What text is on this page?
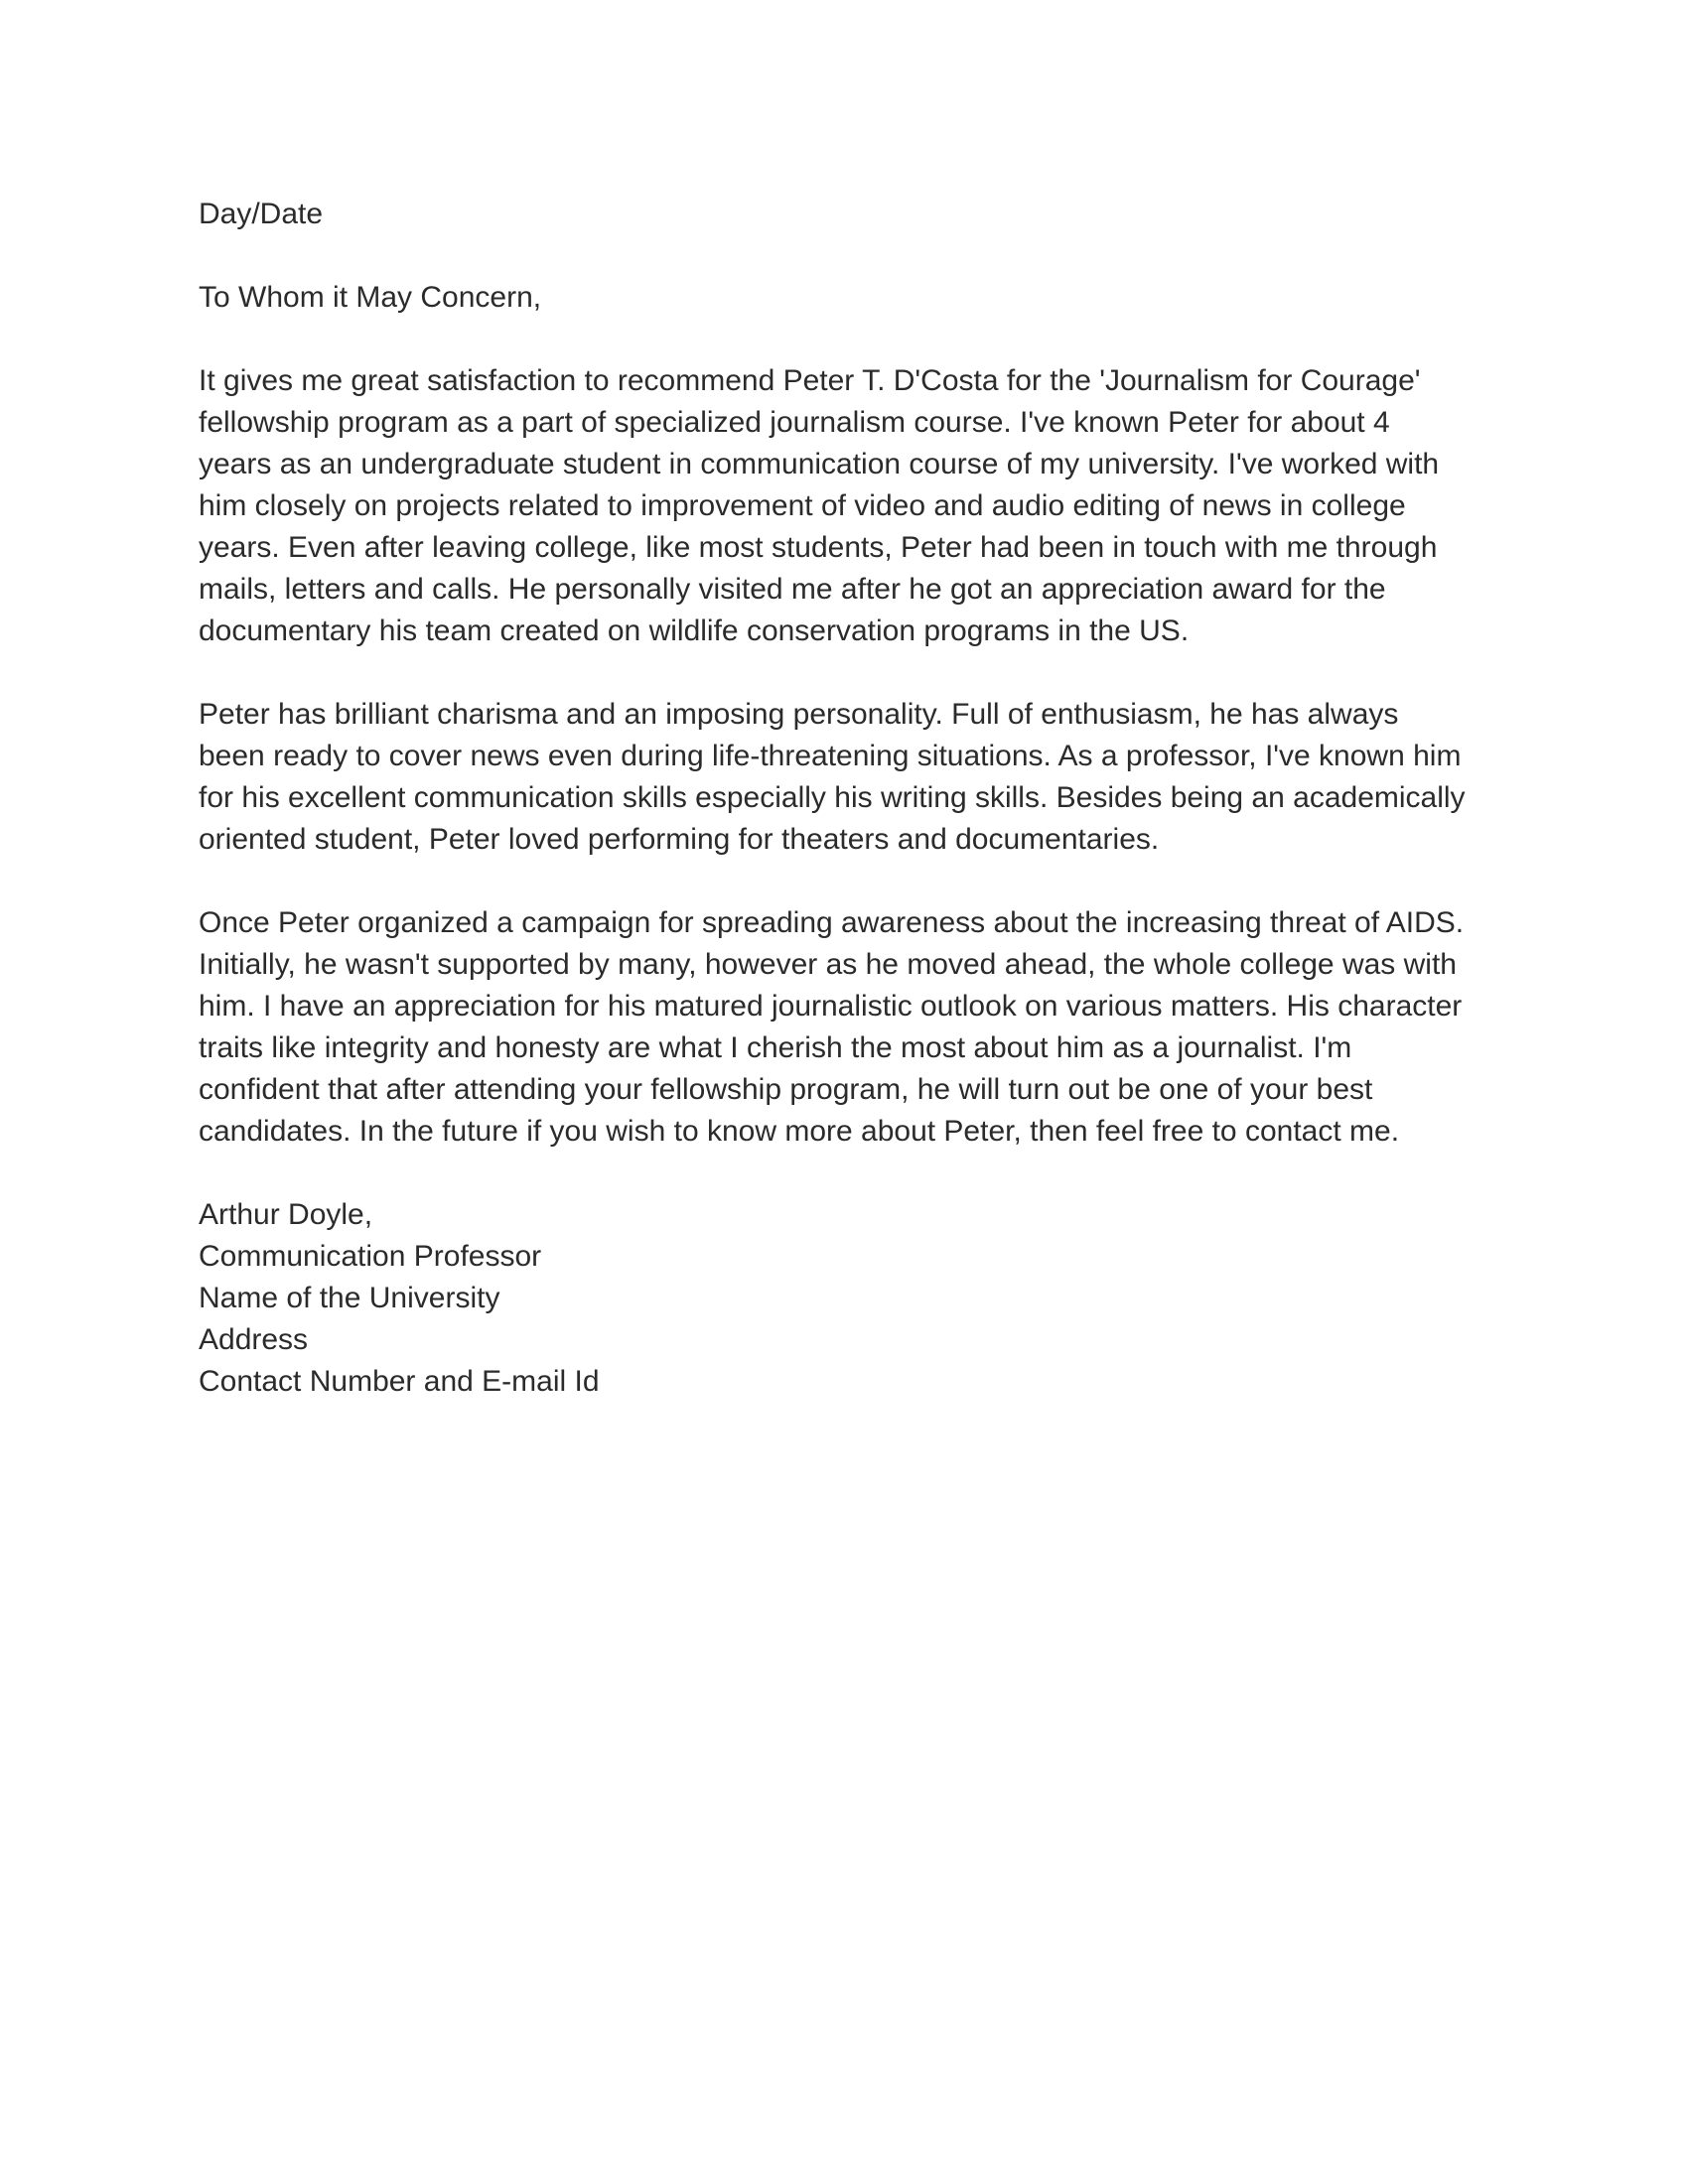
Day/Date
To Whom it May Concern,
It gives me great satisfaction to recommend Peter T. D'Costa for the 'Journalism for Courage'
fellowship program as a part of specialized journalism course. I've known Peter for about 4
years as an undergraduate student in communication course of my university. I've worked with
him closely on projects related to improvement of video and audio editing of news in college
years. Even after leaving college, like most students, Peter had been in touch with me through
mails, letters and calls. He personally visited me after he got an appreciation award for the
documentary his team created on wildlife conservation programs in the US.
Peter has brilliant charisma and an imposing personality. Full of enthusiasm, he has always
been ready to cover news even during life-threatening situations. As a professor, I've known him
for his excellent communication skills especially his writing skills. Besides being an academically
oriented student, Peter loved performing for theaters and documentaries.
Once Peter organized a campaign for spreading awareness about the increasing threat of AIDS.
Initially, he wasn't supported by many, however as he moved ahead, the whole college was with
him. I have an appreciation for his matured journalistic outlook on various matters. His character
traits like integrity and honesty are what I cherish the most about him as a journalist. I'm
confident that after attending your fellowship program, he will turn out be one of your best
candidates. In the future if you wish to know more about Peter, then feel free to contact me.
Arthur Doyle,
Communication Professor
Name of the University
Address
Contact Number and E-mail Id
